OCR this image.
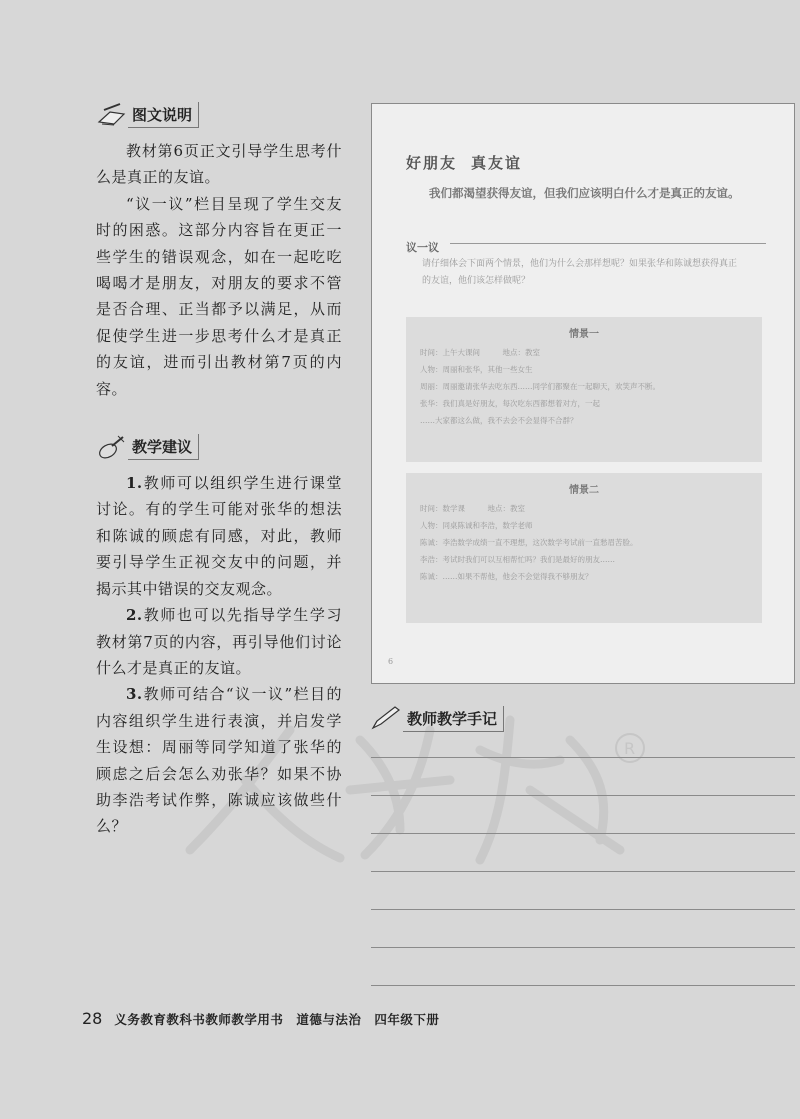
R
图文说明

教材第6页正文引导学生思考什么是真正的友谊。

“议一议”栏目呈现了学生交友时的困惑。这部分内容旨在更正一些学生的错误观念，如在一起吃吃喝喝才是朋友，对朋友的要求不管是否合理、正当都予以满足，从而促使学生进一步思考什么才是真正的友谊，进而引出教材第7页的内容。

教学建议

1.教师可以组织学生进行课堂讨论。有的学生可能对张华的想法和陈诚的顾虑有同感，对此，教师要引导学生正视交友中的问题，并揭示其中错误的交友观念。

2.教师也可以先指导学生学习教材第7页的内容，再引导他们讨论什么才是真正的友谊。

3.教师可结合“议一议”栏目的内容组织学生进行表演，并启发学生设想：周丽等同学知道了张华的顾虑之后会怎么劝张华？如果不协助李浩考试作弊，陈诚应该做些什么？

好朋友 真友谊

我们都渴望获得友谊，但我们应该明白什么才是真正的友谊。

议一议

请仔细体会下面两个情景，他们为什么会那样想呢？如果张华和陈诚想获得真正的友谊，他们该怎样做呢？

情景一
时间：上午大课间　　　地点：教室
人物：周丽和张华，其他一些女生
周丽：周丽邀请张华去吃东西……同学们都聚在一起聊天，欢笑声不断。
张华：我们真是好朋友，每次吃东西都想着对方，一起
……大家都这么做，我不去会不会显得不合群？
情景二
时间：数学课　　　地点：教室
人物：同桌陈诚和李浩，数学老师
陈诚：李浩数学成绩一直不理想，这次数学考试前一直愁眉苦脸。
李浩：考试时我们可以互相帮忙吗？我们是最好的朋友……
陈诚：……如果不帮他，他会不会觉得我不够朋友？
6
教师教学手记
28 义务教育教科书教师教学用书　道德与法治　四年级下册
